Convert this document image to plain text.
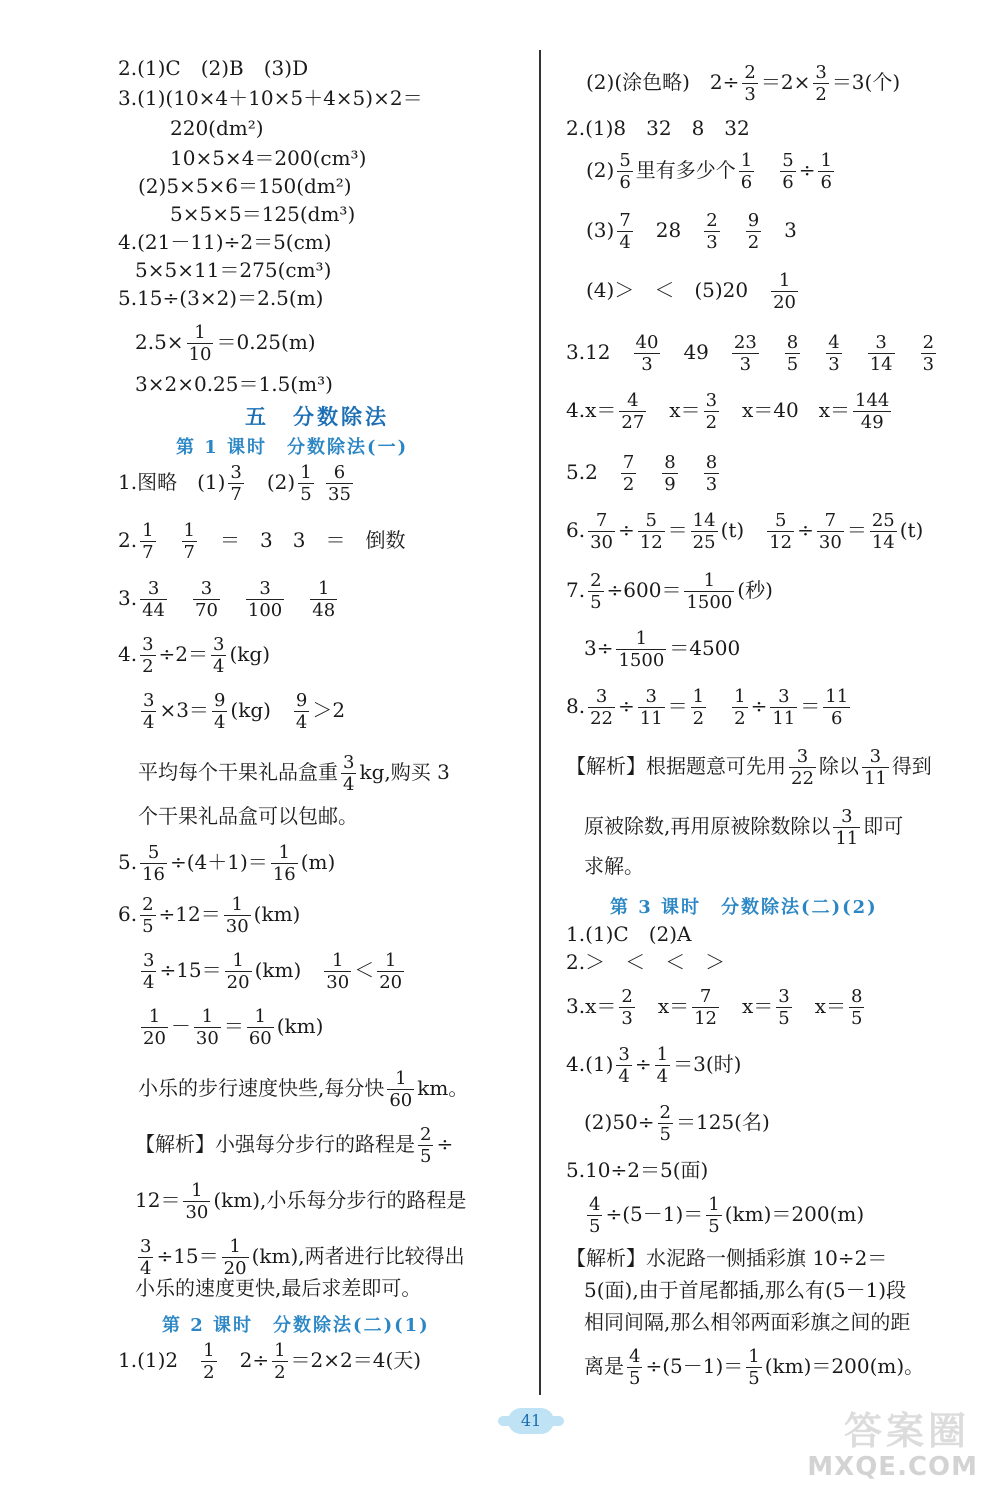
2.(1)C　(2)B　(3)D
3.(1)(10×4＋10×5＋4×5)×2＝
220(dm²)
10×5×4＝200(cm³)
(2)5×5×6＝150(dm²)
5×5×5＝125(dm³)
4.(21－11)÷2＝5(cm)
5×5×11＝275(cm³)
5.15÷(3×2)＝2.5(m)
$2.5\times \frac{1}{10} =0.25(m)$
3×2×0.25＝1.5(m³)
五　分数除法
第 1 课时　分数除法(一)
1.图略　$(1) \frac{3}{7}$
　 $(2) \frac{1}{5}$
$\frac{6}{35}$
2. $\frac{1}{7}$
　 $\frac{1}{7}$
　 ＝　3　3　＝　倒数
3. $\frac{3}{44}$
　 $\frac{3}{70}$
　 $\frac{3}{100}$
　 $\frac{1}{48}$
4. $\frac{3}{2} \div 2= \frac{3}{4} (kg)$
$\frac{3}{4} \times 3= \frac{9}{4} (kg)$　 $\frac{9}{4} >2$
平均每个干果礼品盒重 $\frac{3}{4}$ kg,购买 3
个干果礼品盒可以包邮。
5. $\frac{5}{16} \div(4+1)= \frac{1}{16} (m)$
6. $\frac{2}{5} \div 12= \frac{1}{30} (km)$
$\frac{3}{4} \div 15= \frac{1}{20} (km)$　 $\frac{1}{30} < \frac{1}{20}$
$\frac{1}{20} - \frac{1}{30} = \frac{1}{60} (km)$
小乐的步行速度快些,每分快 $\frac{1}{60}$ km。
【解析】小强每分步行的路程是 $\frac{2}{5}$ ÷
$12= \frac{1}{30} (km)$,小乐每分步行的路程是
$\frac{3}{4} \div 15= \frac{1}{20} (km)$,两者进行比较得出
小乐的速度更快,最后求差即可。
第 2 课时　分数除法(二)(1)
1.(1)2　 $\frac{1}{2}$
　 $2\div \frac{1}{2} =2\times 2=4$(天)
(2)(涂色略)　$2\div \frac{2}{3} =2\times \frac{3}{2} =3$(个)
2.(1)8　32　8　32
$(2) \frac{5}{6}$ 里有多少个 $\frac{1}{6}$
　 $\frac{5}{6} \div \frac{1}{6}$
$(3) \frac{7}{4}$
　 28　 $\frac{2}{3}$
　 $\frac{9}{2}$
　 3
(4)＞　＜　(5)20　 $\frac{1}{20}$
3.12　 $\frac{40}{3}$
　 49　 $\frac{23}{3}$
　 $\frac{8}{5}$
　 $\frac{4}{3}$
　 $\frac{3}{14}$
　 $\frac{2}{3}$
$4.x= \frac{4}{27}$
　 $x= \frac{3}{2}$
　 x＝40　$x= \frac{144}{49}$
5.2　 $\frac{7}{2}$
　 $\frac{8}{9}$
　 $\frac{8}{3}$
6. $\frac{7}{30} \div \frac{5}{12} = \frac{14}{25} (t)$　 $\frac{5}{12} \div \frac{7}{30} = \frac{25}{14} (t)$
7. $\frac{2}{5} \div 600= \frac{1}{1500}$ (秒)
$3\div \frac{1}{1500} =4500$
8. $\frac{3}{22} \div \frac{3}{11} = \frac{1}{2}$
　 $\frac{1}{2} \div \frac{3}{11} = \frac{11}{6}$
【解析】根据题意可先用 $\frac{3}{22}$ 除以 $\frac{3}{11}$ 得到
原被除数,再用原被除数除以 $\frac{3}{11}$ 即可
求解。
第 3 课时　分数除法(二)(2)
1.(1)C　(2)A
2.＞　＜　＜　＞
$3.x= \frac{2}{3}$
　 $x= \frac{7}{12}$
　 $x= \frac{3}{5}$
　 $x= \frac{8}{5}$
$4.(1) \frac{3}{4} \div \frac{1}{4} =3$(时)
$(2)50\div \frac{2}{5} =125$(名)
5.10÷2＝5(面)
$\frac{4}{5} \div(5-1)= \frac{1}{5} (km)=200(m)$
【解析】水泥路一侧插彩旗 10÷2＝
5(面),由于首尾都插,那么有(5－1)段
相同间隔,那么相邻两面彩旗之间的距
离是 $\frac{4}{5} \div(5-1)= \frac{1}{5} (km)=200(m)$。
41	答案圈
MXQE.COM
